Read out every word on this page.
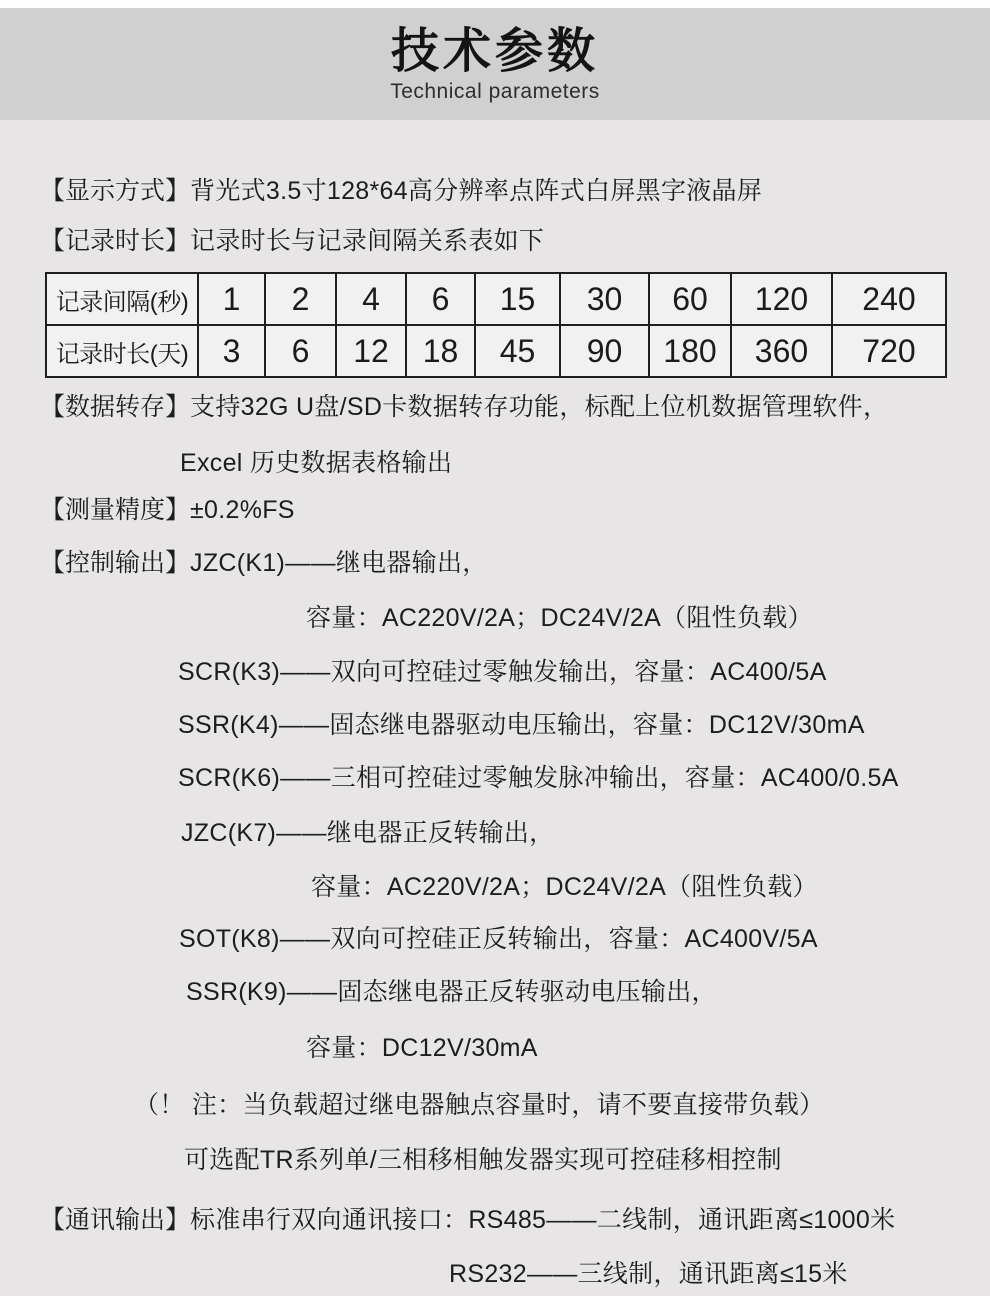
技术参数
Technical parameters
【显示方式】背光式3.5寸128*64高分辨率点阵式白屏黑字液晶屏
【记录时长】记录时长与记录间隔关系表如下
记录间隔(秒)	1	2	4	6	15	30	60	120	240
记录时长(天)	3	6	12	18	45	90	180	360	720
【数据转存】支持32G U盘/SD卡数据转存功能，标配上位机数据管理软件，
Excel 历史数据表格输出
【测量精度】±0.2%FS
【控制输出】JZC(K1)——继电器输出，
容量：AC220V/2A；DC24V/2A（阻性负载）
SCR(K3)——双向可控硅过零触发输出，容量：AC400/5A
SSR(K4)——固态继电器驱动电压输出，容量：DC12V/30mA
SCR(K6)——三相可控硅过零触发脉冲输出，容量：AC400/0.5A
JZC(K7)——继电器正反转输出，
容量：AC220V/2A；DC24V/2A（阻性负载）
SOT(K8)——双向可控硅正反转输出，容量：AC400V/5A
SSR(K9)——固态继电器正反转驱动电压输出，
容量：DC12V/30mA
（！ 注：当负载超过继电器触点容量时，请不要直接带负载）
可选配TR系列单/三相移相触发器实现可控硅移相控制
【通讯输出】标准串行双向通讯接口：RS485——二线制，通讯距离≤1000米
RS232——三线制，通讯距离≤15米
